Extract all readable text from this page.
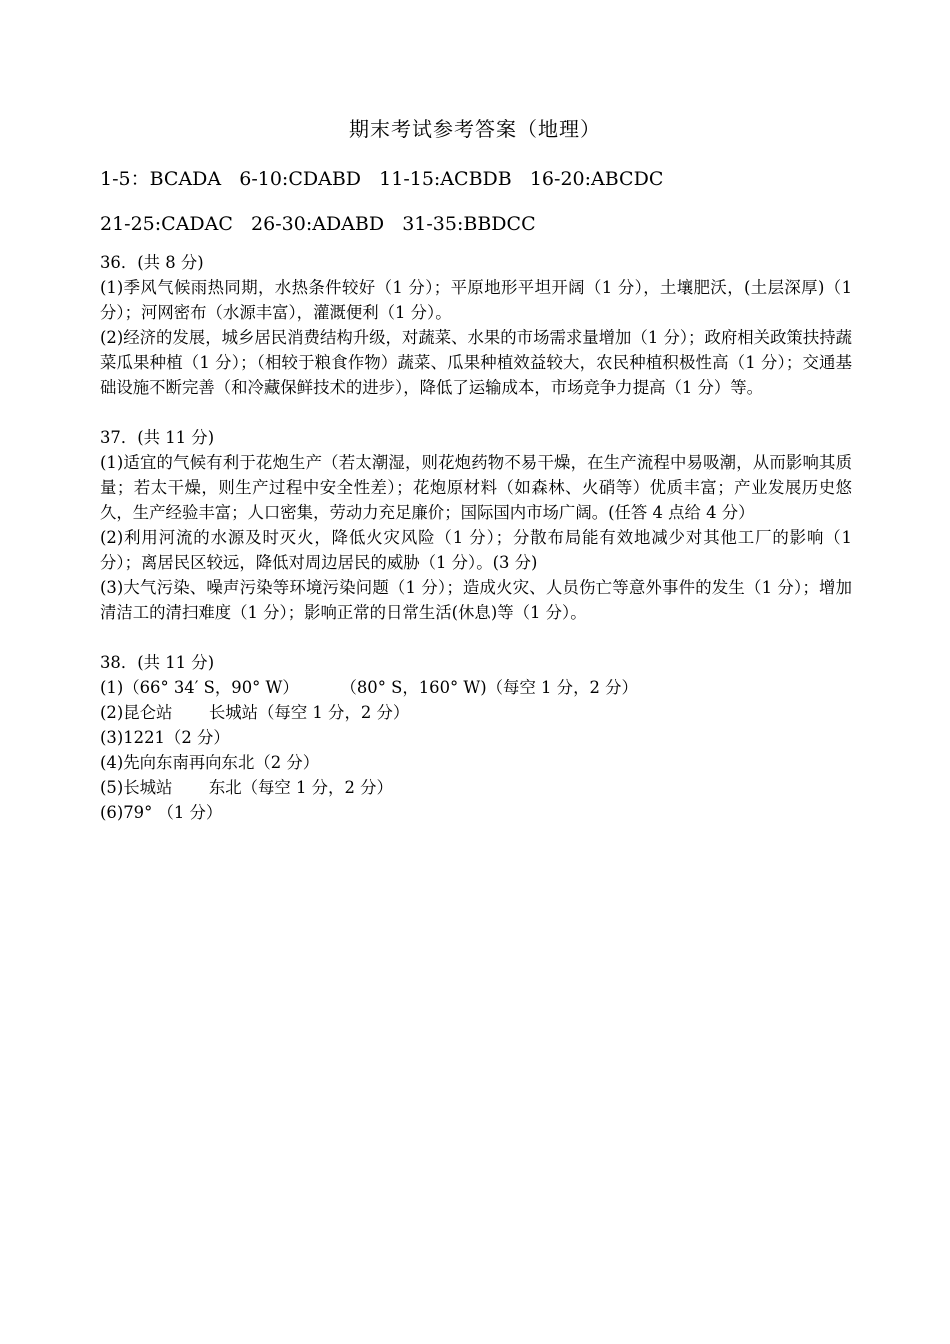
期末考试参考答案（地理）
1-5：BCADA   6-10:CDABD   11-15:ACBDB   16-20:ABCDC
21-25:CADAC   26-30:ADABD   31-35:BBDCC
36．(共 8 分)
(1)季风气候雨热同期，水热条件较好（1 分）；平原地形平坦开阔（1 分），土壤肥沃，(土层深厚)（1 分）；河网密布（水源丰富），灌溉便利（1 分）。
(2)经济的发展，城乡居民消费结构升级，对蔬菜、水果的市场需求量增加（1 分）；政府相关政策扶持蔬菜瓜果种植（1 分）；（相较于粮食作物）蔬菜、瓜果种植效益较大，农民种植积极性高（1 分）；交通基础设施不断完善（和冷藏保鲜技术的进步），降低了运输成本，市场竞争力提高（1 分）等。
37．(共 11 分)
(1)适宜的气候有利于花炮生产（若太潮湿，则花炮药物不易干燥，在生产流程中易吸潮，从而影响其质量；若太干燥，则生产过程中安全性差）；花炮原材料（如森林、火硝等）优质丰富；产业发展历史悠久，生产经验丰富；人口密集，劳动力充足廉价；国际国内市场广阔。(任答 4 点给 4 分）
(2)利用河流的水源及时灭火，降低火灾风险（1 分）；分散布局能有效地减少对其他工厂的影响（1 分）；离居民区较远，降低对周边居民的威胁（1 分）。(3 分)
(3)大气污染、噪声污染等环境污染问题（1 分）；造成火灾、人员伤亡等意外事件的发生（1 分）；增加清洁工的清扫难度（1 分）；影响正常的日常生活(休息)等（1 分）。
38．(共 11 分)
(1)（66° 34′ S，90° W）        （80° S，160° W)（每空 1 分，2 分）
(2)昆仑站       长城站（每空 1 分，2 分）
(3)1221（2 分）
(4)先向东南再向东北（2 分）
(5)长城站       东北（每空 1 分，2 分）
(6)79° （1 分）
